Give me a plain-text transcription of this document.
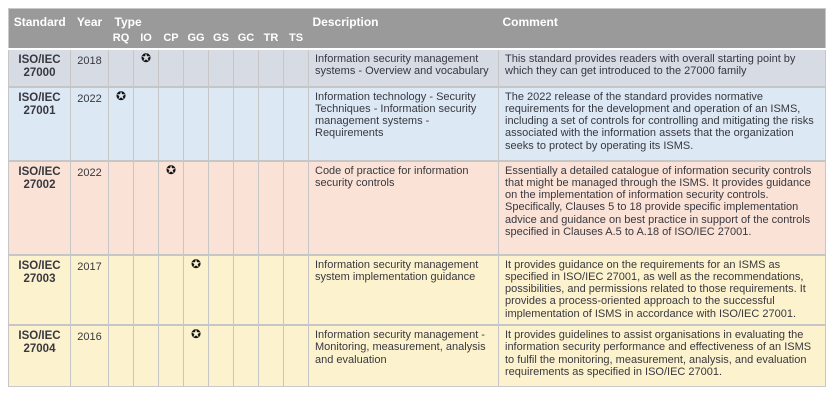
Standard	Year	Type								Description	Comment
		RQ	IO	CP	GG	GS	GC	TR	TS		
ISO/IEC 27000	2018		✪							Information security management systems - Overview and vocabulary	This standard provides readers with overall starting point by which they can get introduced to the 27000 family
ISO/IEC 27001	2022	✪								Information technology - Security Techniques - Information security management systems - Requirements	The 2022 release of the standard provides normative requirements for the development and operation of an ISMS, including a set of controls for controlling and mitigating the risks associated with the information assets that the organization seeks to protect by operating its ISMS.
ISO/IEC 27002	2022			✪						Code of practice for information security controls	Essentially a detailed catalogue of information security controls that might be managed through the ISMS. It provides guidance on the implementation of information security controls. Specifically, Clauses 5 to 18 provide specific implementation advice and guidance on best practice in support of the controls specified in Clauses A.5 to A.18 of ISO/IEC 27001.
ISO/IEC 27003	2017				✪					Information security management system implementation guidance	It provides guidance on the requirements for an ISMS as specified in ISO/IEC 27001, as well as the recommendations, possibilities, and permissions related to those requirements. It provides a process-oriented approach to the successful implementation of ISMS in accordance with ISO/IEC 27001.
ISO/IEC 27004	2016				✪					Information security management - Monitoring, measurement, analysis and evaluation	It provides guidelines to assist organisations in evaluating the information security performance and effectiveness of an ISMS to fulfil the monitoring, measurement, analysis, and evaluation requirements as specified in ISO/IEC 27001.
